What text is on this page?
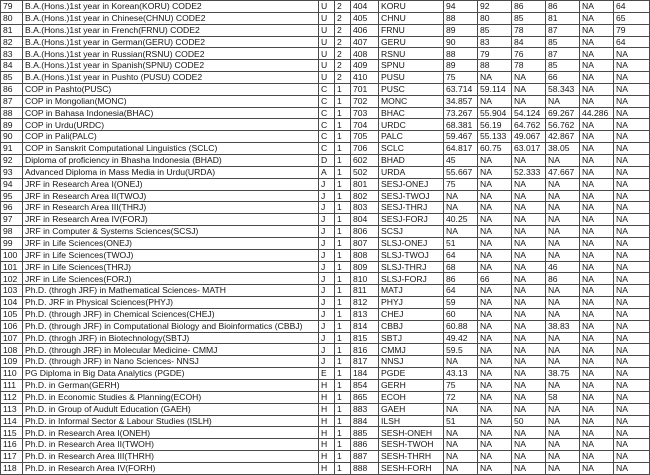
79	B.A.(Hons.)1st year in Korean(KORU) CODE2	U	2	404	KORU	94	92	86	86	NA	64
80	B.A.(Hons.)1st year in Chinese(CHNU) CODE2	U	2	405	CHNU	88	80	85	81	NA	65
81	B.A.(Hons.)1st year in French(FRNU) CODE2	U	2	406	FRNU	89	85	78	87	NA	79
82	B.A.(Hons.)1st year in German(GERU) CODE2	U	2	407	GERU	90	83	84	85	NA	64
83	B.A.(Hons.)1st year in Russian(RSNU) CODE2	U	2	408	RSNU	88	79	76	87	NA	NA
84	B.A.(Hons.)1st year in Spanish(SPNU) CODE2	U	2	409	SPNU	89	88	78	85	NA	NA
85	B.A.(Hons.)1st year in Pushto (PUSU) CODE2	U	2	410	PUSU	75	NA	NA	66	NA	NA
86	COP in Pashto(PUSC)	C	1	701	PUSC	63.714	59.114	NA	58.343	NA	NA
87	COP in Mongolian(MONC)	C	1	702	MONC	34.857	NA	NA	NA	NA	NA
88	COP in Bahasa Indonesia(BHAC)	C	1	703	BHAC	73.267	55.904	54.124	69.267	44.286	NA
89	COP in Urdu(URDC)	C	1	704	URDC	68.381	56.19	64.762	56.762	NA	NA
90	COP in Pali(PALC)	C	1	705	PALC	59.467	55.133	49.067	42.867	NA	NA
91	COP in Sanskrit Computational Linguistics (SCLC)	C	1	706	SCLC	64.817	60.75	63.017	38.05	NA	NA
92	Diploma of proficiency in Bhasha Indonesia (BHAD)	D	1	602	BHAD	45	NA	NA	NA	NA	NA
93	Advanced Diploma in Mass Media in Urdu(URDA)	A	1	502	URDA	55.667	NA	52.333	47.667	NA	NA
94	JRF in Research Area I(ONEJ)	J	1	801	SESJ-ONEJ	75	NA	NA	NA	NA	NA
95	JRF in Research Area II(TWOJ)	J	1	802	SESJ-TWOJ	NA	NA	NA	NA	NA	NA
96	JRF in Research Area III(THRJ)	J	1	803	SESJ-THRJ	NA	NA	NA	NA	NA	NA
97	JRF in Research Area IV(FORJ)	J	1	804	SESJ-FORJ	40.25	NA	NA	NA	NA	NA
98	JRF in Computer & Systems Sciences(SCSJ)	J	1	806	SCSJ	NA	NA	NA	NA	NA	NA
99	JRF in Life Sciences(ONEJ)	J	1	807	SLSJ-ONEJ	51	NA	NA	NA	NA	NA
100	JRF in Life Sciences(TWOJ)	J	1	808	SLSJ-TWOJ	64	NA	NA	NA	NA	NA
101	JRF in Life Sciences(THRJ)	J	1	809	SLSJ-THRJ	68	NA	NA	46	NA	NA
102	JRF in Life Sciences(FORJ)	J	1	810	SLSJ-FORJ	86	66	NA	86	NA	NA
103	Ph.D. (throgh JRF) in Mathematical Sciences- MATH	J	1	811	MATJ	64	NA	NA	NA	NA	NA
104	Ph.D. JRF in Physical Sciences(PHYJ)	J	1	812	PHYJ	59	NA	NA	NA	NA	NA
105	Ph.D. (through JRF) in Chemical Sciences(CHEJ)	J	1	813	CHEJ	60	NA	NA	NA	NA	NA
106	Ph.D. (through JRF) in Computational Biology and Bioinformatics (CBBJ)	J	1	814	CBBJ	60.88	NA	NA	38.83	NA	NA
107	Ph.D. (throgh JRF) in Biotechnology(SBTJ)	J	1	815	SBTJ	49.42	NA	NA	NA	NA	NA
108	Ph.D. (through JRF) in Molecular Medicine- CMMJ	J	1	816	CMMJ	59.5	NA	NA	NA	NA	NA
109	Ph.D. (through JRF) in Nano Sciences- NNSJ	J	1	817	NNSJ	NA	NA	NA	NA	NA	NA
110	PG Diploma in Big Data Analytics (PGDE)	E	1	184	PGDE	43.13	NA	NA	38.75	NA	NA
111	Ph.D. in German(GERH)	H	1	854	GERH	75	NA	NA	NA	NA	NA
112	Ph.D. in Economic Studies & Planning(ECOH)	H	1	865	ECOH	72	NA	NA	58	NA	NA
113	Ph.D. in Group of Audult Education (GAEH)	H	1	883	GAEH	NA	NA	NA	NA	NA	NA
114	Ph.D. in Informal Sector & Labour Studies (ISLH)	H	1	884	ILSH	51	NA	50	NA	NA	NA
115	Ph.D. in Research Area I(ONEH)	H	1	885	SESH-ONEH	NA	NA	NA	NA	NA	NA
116	Ph.D. in Research Area II(TWOH)	H	1	886	SESH-TWOH	NA	NA	NA	NA	NA	NA
117	Ph.D. in Research Area III(THRH)	H	1	887	SESH-THRH	NA	NA	NA	NA	NA	NA
118	Ph.D. in Research Area IV(FORH)	H	1	888	SESH-FORH	NA	NA	NA	NA	NA	NA
